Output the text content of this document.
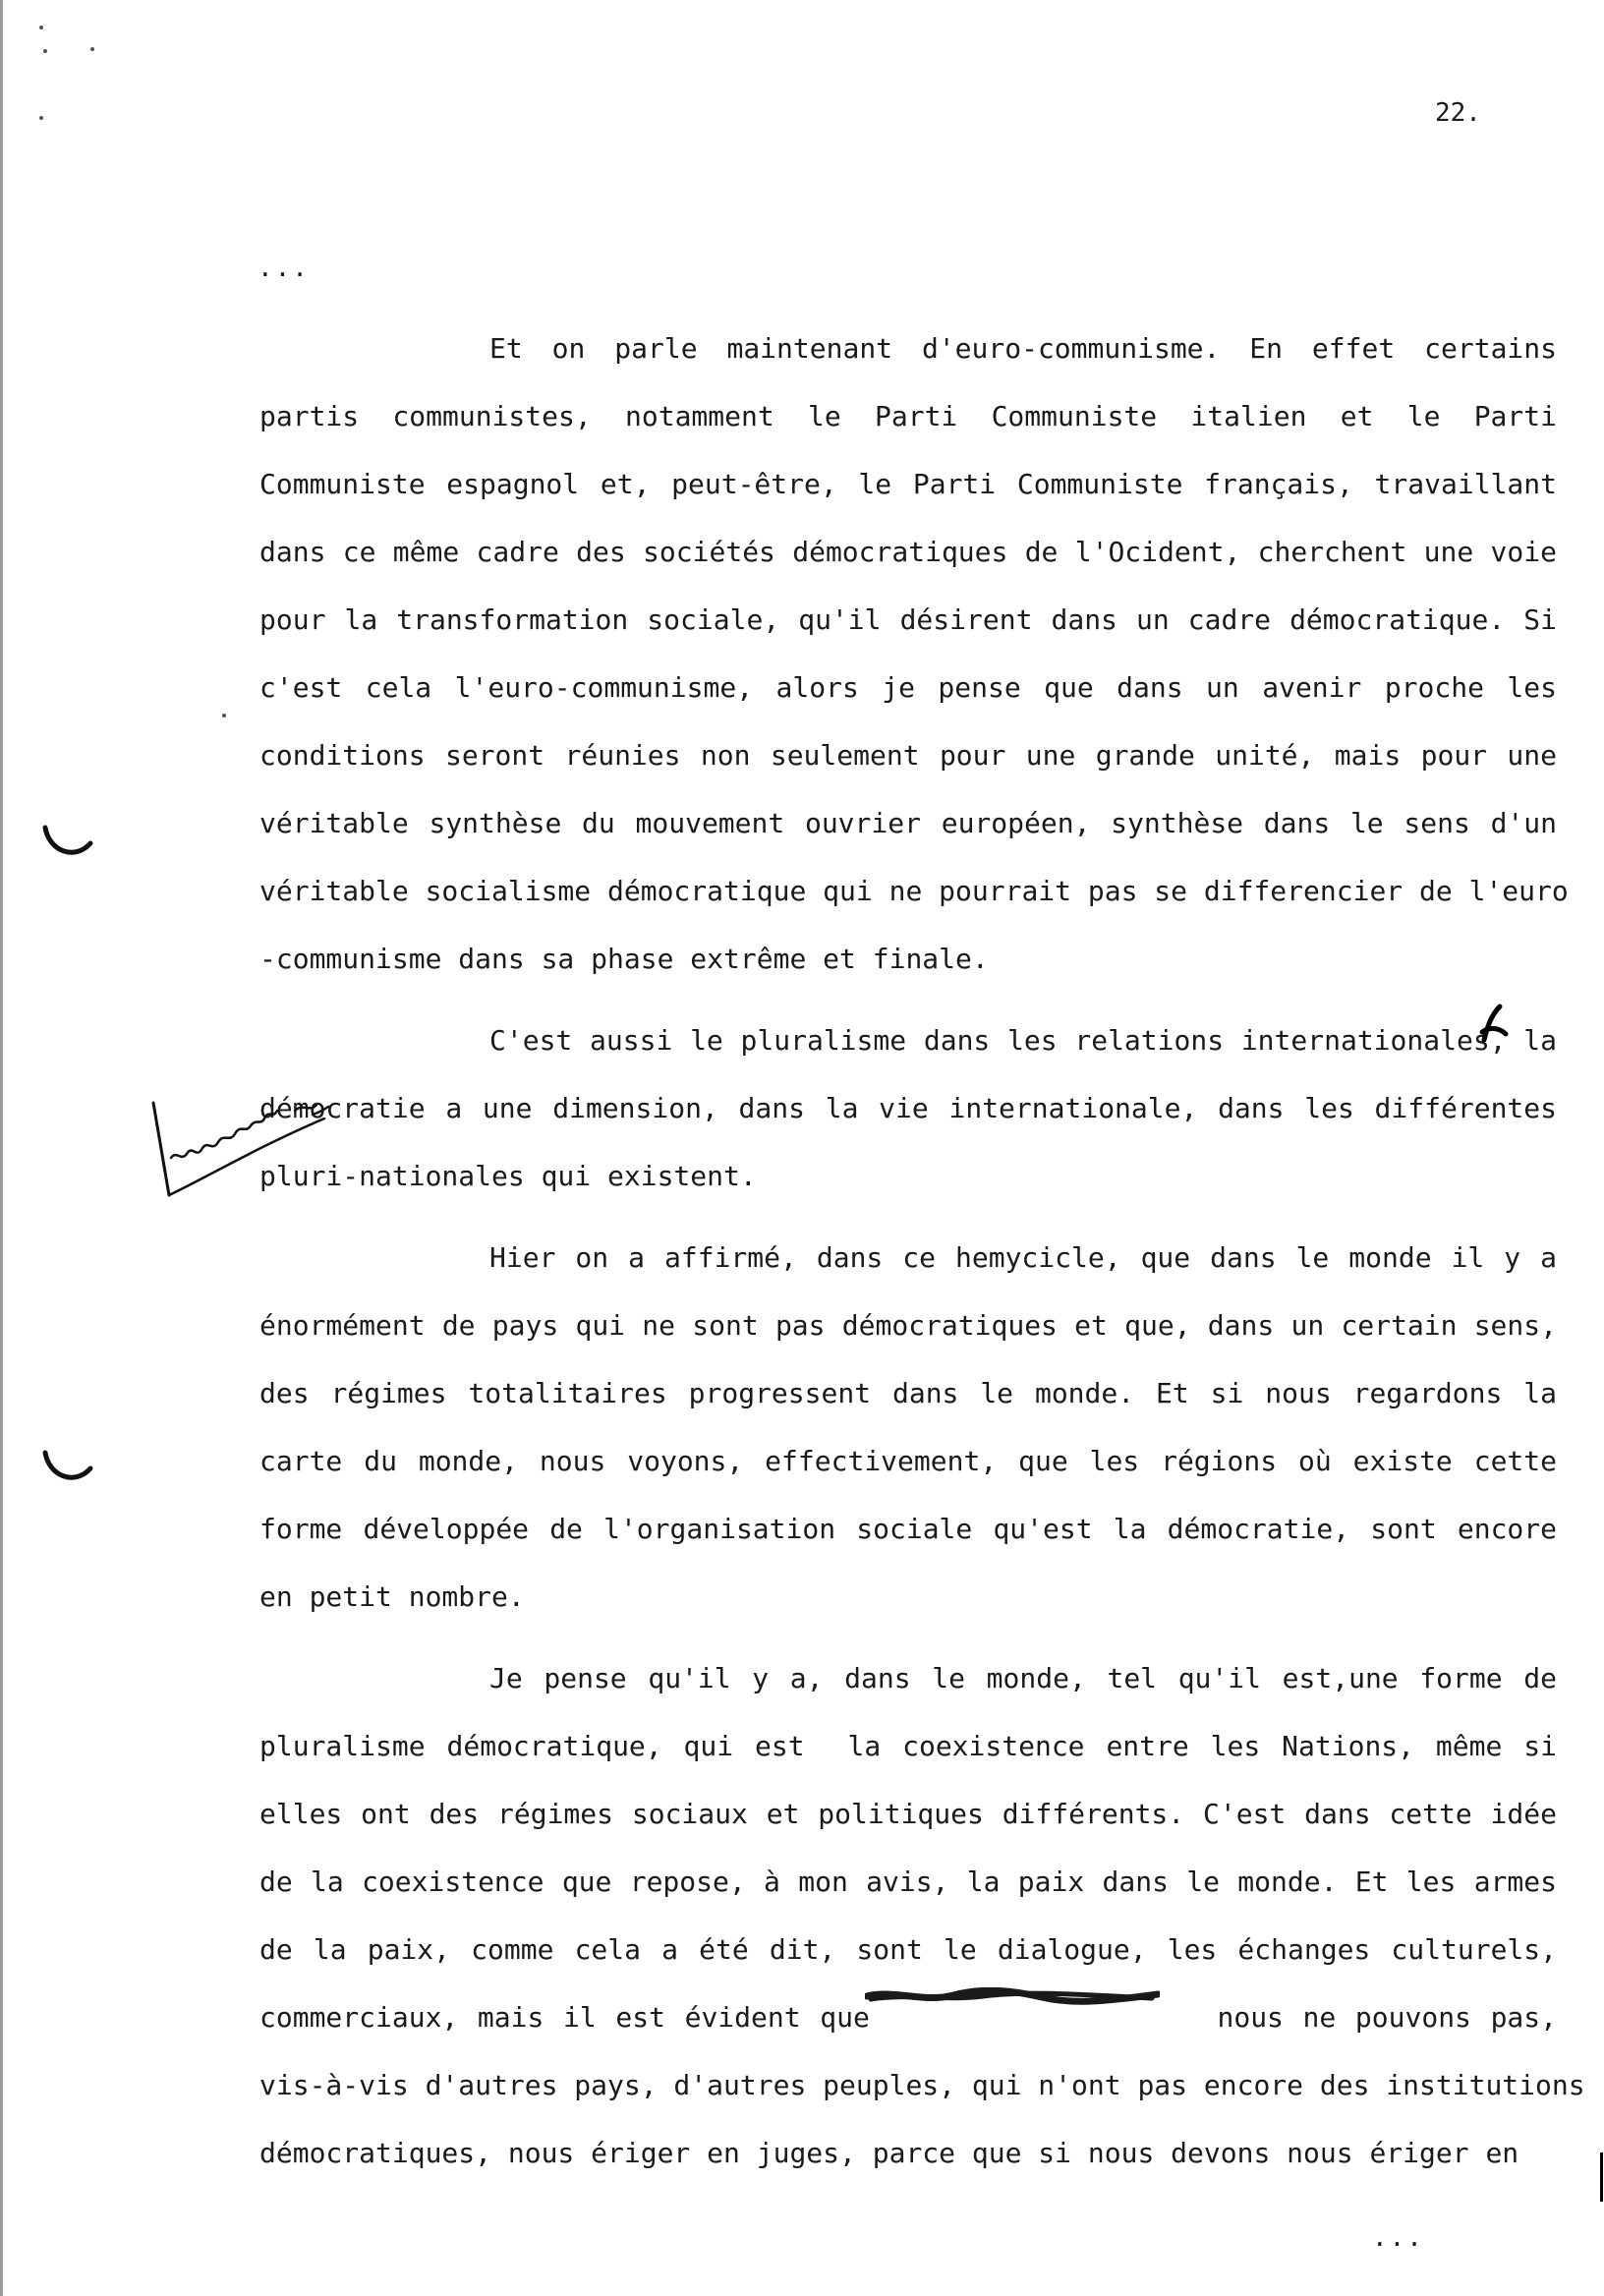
22.
...
Et on parle maintenant d'euro-communisme. En effet certains
partis communistes, notamment le Parti Communiste italien et le Parti
Communiste espagnol et, peut-être, le Parti Communiste français, travaillant
dans ce même cadre des sociétés démocratiques de l'Ocident, cherchent une voie
pour la transformation sociale, qu'il désirent dans un cadre démocratique. Si
c'est cela l'euro-communisme, alors je pense que dans un avenir proche les
conditions seront réunies non seulement pour une grande unité, mais pour une
véritable synthèse du mouvement ouvrier européen, synthèse dans le sens d'un
véritable socialisme démocratique qui ne pourrait pas se differencier de l'euro
-communisme dans sa phase extrême et finale.
C'est aussi le pluralisme dans les relations internationales, la
démocratie a une dimension, dans la vie internationale, dans les différentes
pluri-nationales qui existent.
Hier on a affirmé, dans ce hemycicle, que dans le monde il y a
énormément de pays qui ne sont pas démocratiques et que, dans un certain sens,
des régimes totalitaires progressent dans le monde. Et si nous regardons la
carte du monde, nous voyons, effectivement, que les régions où existe cette
forme développée de l'organisation sociale qu'est la démocratie, sont encore
en petit nombre.
Je pense qu'il y a, dans le monde, tel qu'il est,une forme de
pluralisme démocratique, qui est  la coexistence entre les Nations, même si
elles ont des régimes sociaux et politiques différents. C'est dans cette idée
de la coexistence que repose, à mon avis, la paix dans le monde. Et les armes
de la paix, comme cela a été dit, sont le dialogue, les échanges culturels,
commerciaux, mais il est évident que                  nous ne pouvons pas,
vis-à-vis d'autres pays, d'autres peuples, qui n'ont pas encore des institutions
démocratiques, nous ériger en juges, parce que si nous devons nous ériger en
...
